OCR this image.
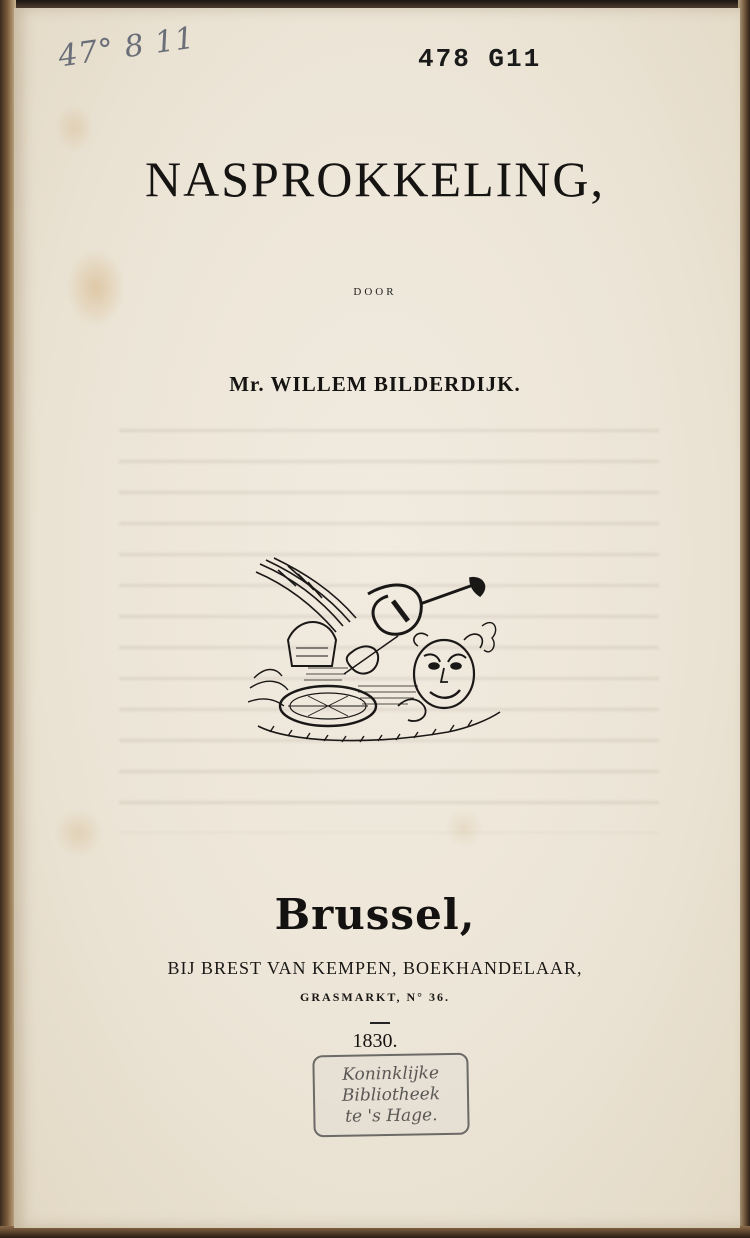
47° 8 11	478 G11
NASPROKKELING,
DOOR
Mr. WILLEM BILDERDIJK.
Brussel,
BIJ BREST VAN KEMPEN, BOEKHANDELAAR,
GRASMARKT, N° 36.
1830.
Koninklijke
Bibliotheek
te 's Hage.
